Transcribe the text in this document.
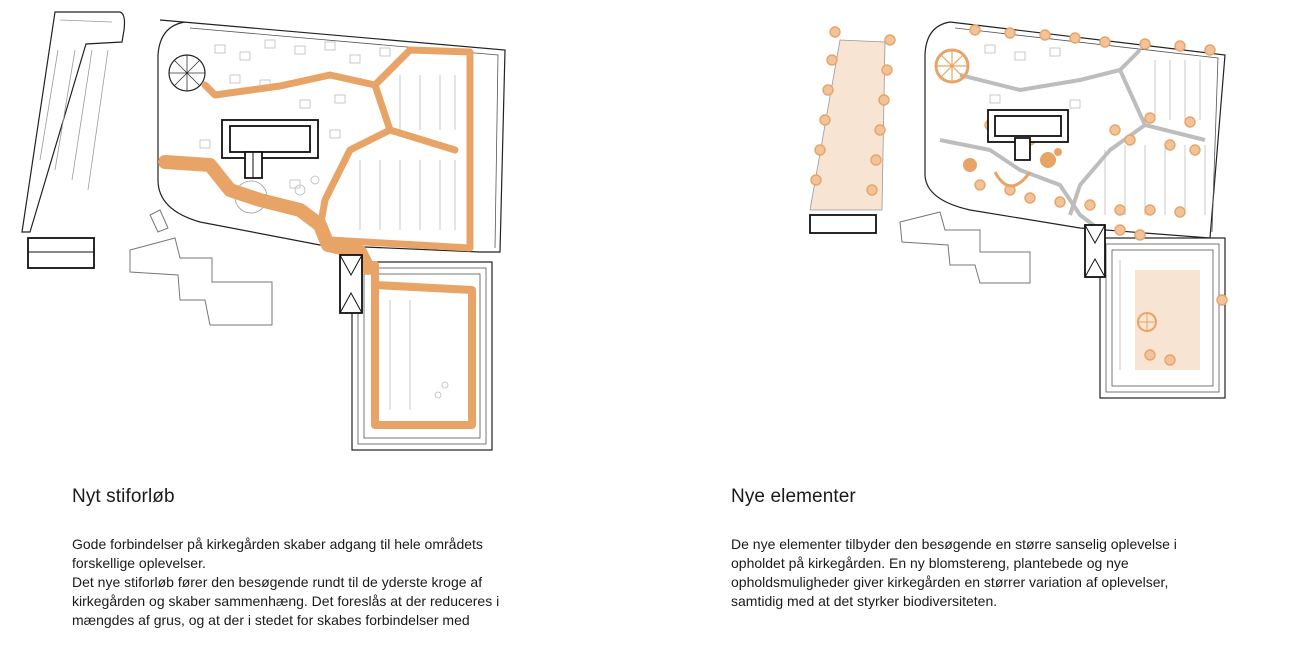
Nyt stiforløb

Gode forbindelser på kirkegården skaber adgang til hele områdets
forskellige oplevelser.
Det nye stiforløb fører den besøgende rundt til de yderste kroge af
kirkegården og skaber sammenhæng. Det foreslås at der reduceres i
mængdes af grus, og at der i stedet for skabes forbindelser med

Nye elementer

De nye elementer tilbyder den besøgende en større sanselig oplevelse i
opholdet på kirkegården. En ny blomstereng, plantebede og nye
opholdsmuligheder giver kirkegården en størrer variation af oplevelser,
samtidig med at det styrker biodiversiteten.
